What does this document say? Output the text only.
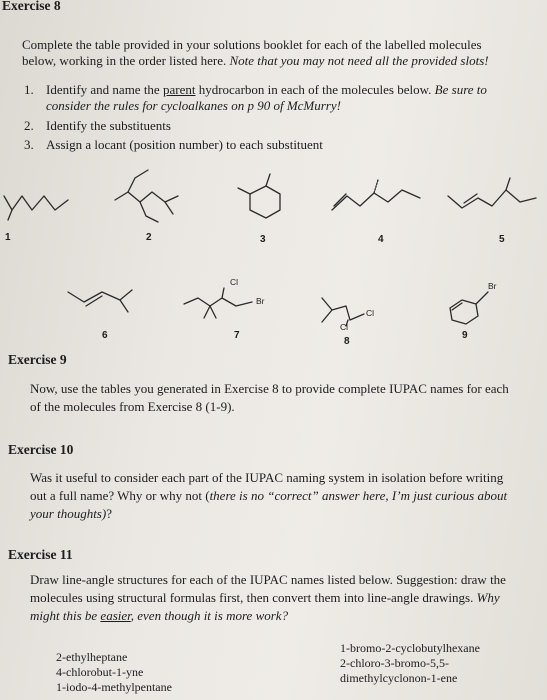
Exercise 8
Complete the table provided in your solutions booklet for each of the labelled molecules
below, working in the order listed here. Note that you may not need all the provided slots!
1. Identify and name the parent hydrocarbon in each of the molecules below. Be sure to
consider the rules for cycloalkanes on p 90 of McMurry!
2. Identify the substituents
3. Assign a locant (position number) to each substituent
1	2	3	4	5
6
Cl
Br
7
Cl
Cl
8
Br
9
Exercise 9
Now, use the tables you generated in Exercise 8 to provide complete IUPAC names for each
of the molecules from Exercise 8 (1-9).
Exercise 10
Was it useful to consider each part of the IUPAC naming system in isolation before writing
out a full name? Why or why not (there is no “correct” answer here, I’m just curious about
your thoughts)?
Exercise 11
Draw line-angle structures for each of the IUPAC names listed below. Suggestion: draw the
molecules using structural formulas first, then convert them into line-angle drawings. Why
might this be easier, even though it is more work?
2-ethylheptane
4-chlorobut-1-yne
1-iodo-4-methylpentane
1-bromo-2-cyclobutylhexane
2-chloro-3-bromo-5,5-
dimethylcyclonon-1-ene
